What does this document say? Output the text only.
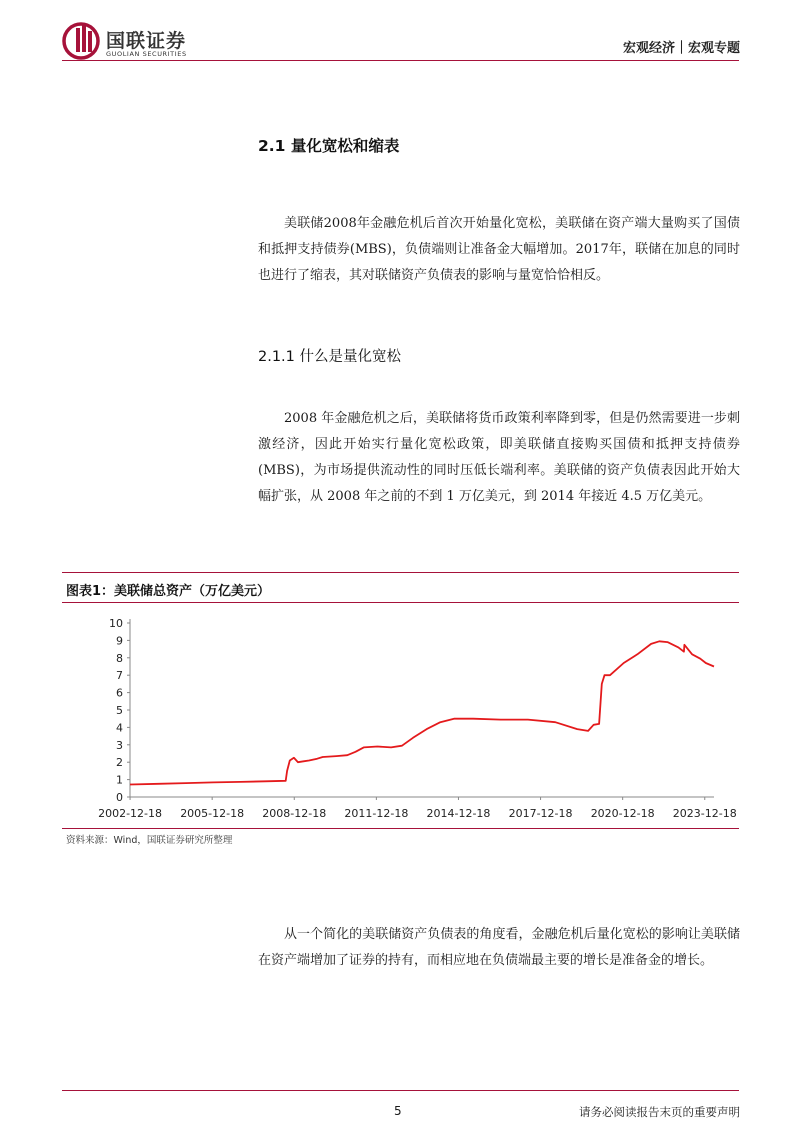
国联证券
GUOLIAN SECURITIES	宏观经济｜宏观专题
2.1 量化宽松和缩表
美联储2008年金融危机后首次开始量化宽松，美联储在资产端大量购买了国债和抵押支持债券(MBS)，负债端则让准备金大幅增加。2017年，联储在加息的同时也进行了缩表，其对联储资产负债表的影响与量宽恰恰相反。
2.1.1 什么是量化宽松
2008 年金融危机之后，美联储将货币政策利率降到零，但是仍然需要进一步刺激经济，因此开始实行量化宽松政策，即美联储直接购买国债和抵押支持债券(MBS)，为市场提供流动性的同时压低长端利率。美联储的资产负债表因此开始大幅扩张，从 2008 年之前的不到 1 万亿美元，到 2014 年接近 4.5 万亿美元。
图表1：美联储总资产（万亿美元）
0
1
2
3
4
5
6
7
8
9
10
2002-12-18 2005-12-18 2008-12-18 2011-12-18 2014-12-18 2017-12-18 2020-12-18 2023-12-18
资料来源：Wind，国联证券研究所整理
从一个简化的美联储资产负债表的角度看，金融危机后量化宽松的影响让美联储在资产端增加了证券的持有，而相应地在负债端最主要的增长是准备金的增长。
5	请务必阅读报告末页的重要声明
